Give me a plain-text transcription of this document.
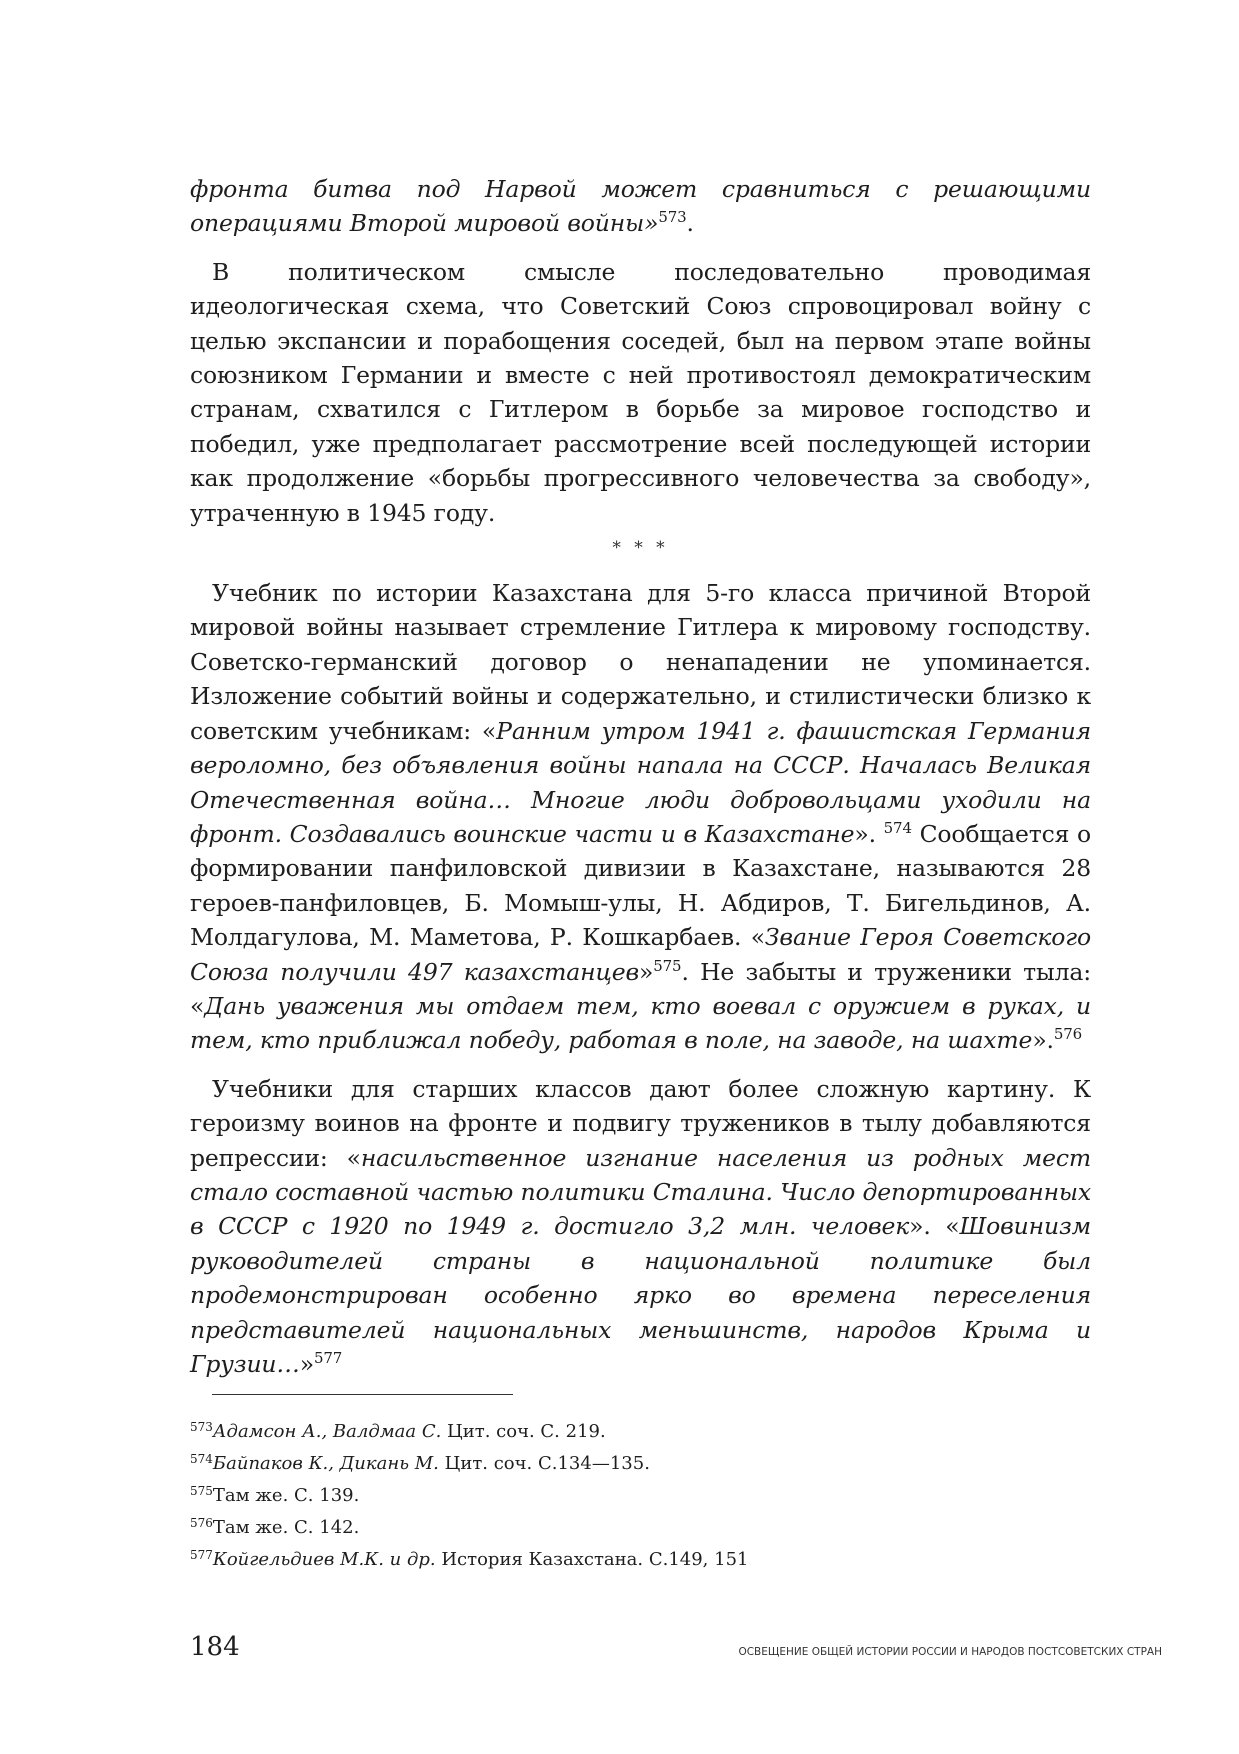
фронта битва под Нарвой может сравниться с решающими операциями Второй мировой войны»$^{573}$.

В политическом смысле последовательно проводимая идеологическая схема, что Советский Союз спровоцировал войну с целью экспансии и порабощения соседей, был на первом этапе войны союзником Германии и вместе с ней противостоял демократическим странам, схватился с Гитлером в борьбе за мировое господство и победил, уже предполагает рассмотрение всей последующей истории как продолжение «борьбы прогрессивного человечества за свободу», утраченную в 1945 году.

* * *

Учебник по истории Казахстана для 5-го класса причиной Второй мировой войны называет стремление Гитлера к мировому господству. Советско-германский договор о ненападении не упоминается. Изложение событий войны и содержательно, и стилистически близко к советским учебникам: «Ранним утром 1941 г. фашистская Германия вероломно, без объявления войны напала на СССР. Началась Великая Отечественная война… Многие люди добровольцами уходили на фронт. Создавались воинские части и в Казахстане». $^{574}$ Сообщается о формировании панфиловской дивизии в Казахстане, называются 28 героев-панфиловцев, Б. Момыш-улы, Н. Абдиров, Т. Бигельдинов, А. Молдагулова, М. Маметова, Р. Кошкарбаев. «Звание Героя Советского Союза получили 497 казахстанцев»$^{575}$. Не забыты и труженики тыла: «Дань уважения мы отдаем тем, кто воевал с оружием в руках, и тем, кто приближал победу, работая в поле, на заводе, на шахте».$^{576}$

Учебники для старших классов дают более сложную картину. К героизму воинов на фронте и подвигу тружеников в тылу добавляются репрессии: «насильственное изгнание населения из родных мест стало составной частью политики Сталина. Число депортированных в СССР с 1920 по 1949 г. достигло 3,2 млн. человек». «Шовинизм руководителей страны в национальной политике был продемонстрирован особенно ярко во времена переселения представителей национальных меньшинств, народов Крыма и Грузии…»$^{577}$

$^{573}$Адамсон А., Валдмаа С. Цит. соч. С. 219.
$^{574}$Байпаков К., Дикань М. Цит. соч. С.134—135.
$^{575}$Там же. С. 139.
$^{576}$Там же. С. 142.
$^{577}$Койгельдиев М.К. и др. История Казахстана. С.149, 151
184	ОСВЕЩЕНИЕ ОБЩЕЙ ИСТОРИИ РОССИИ И НАРОДОВ ПОСТСОВЕТСКИХ СТРАН
